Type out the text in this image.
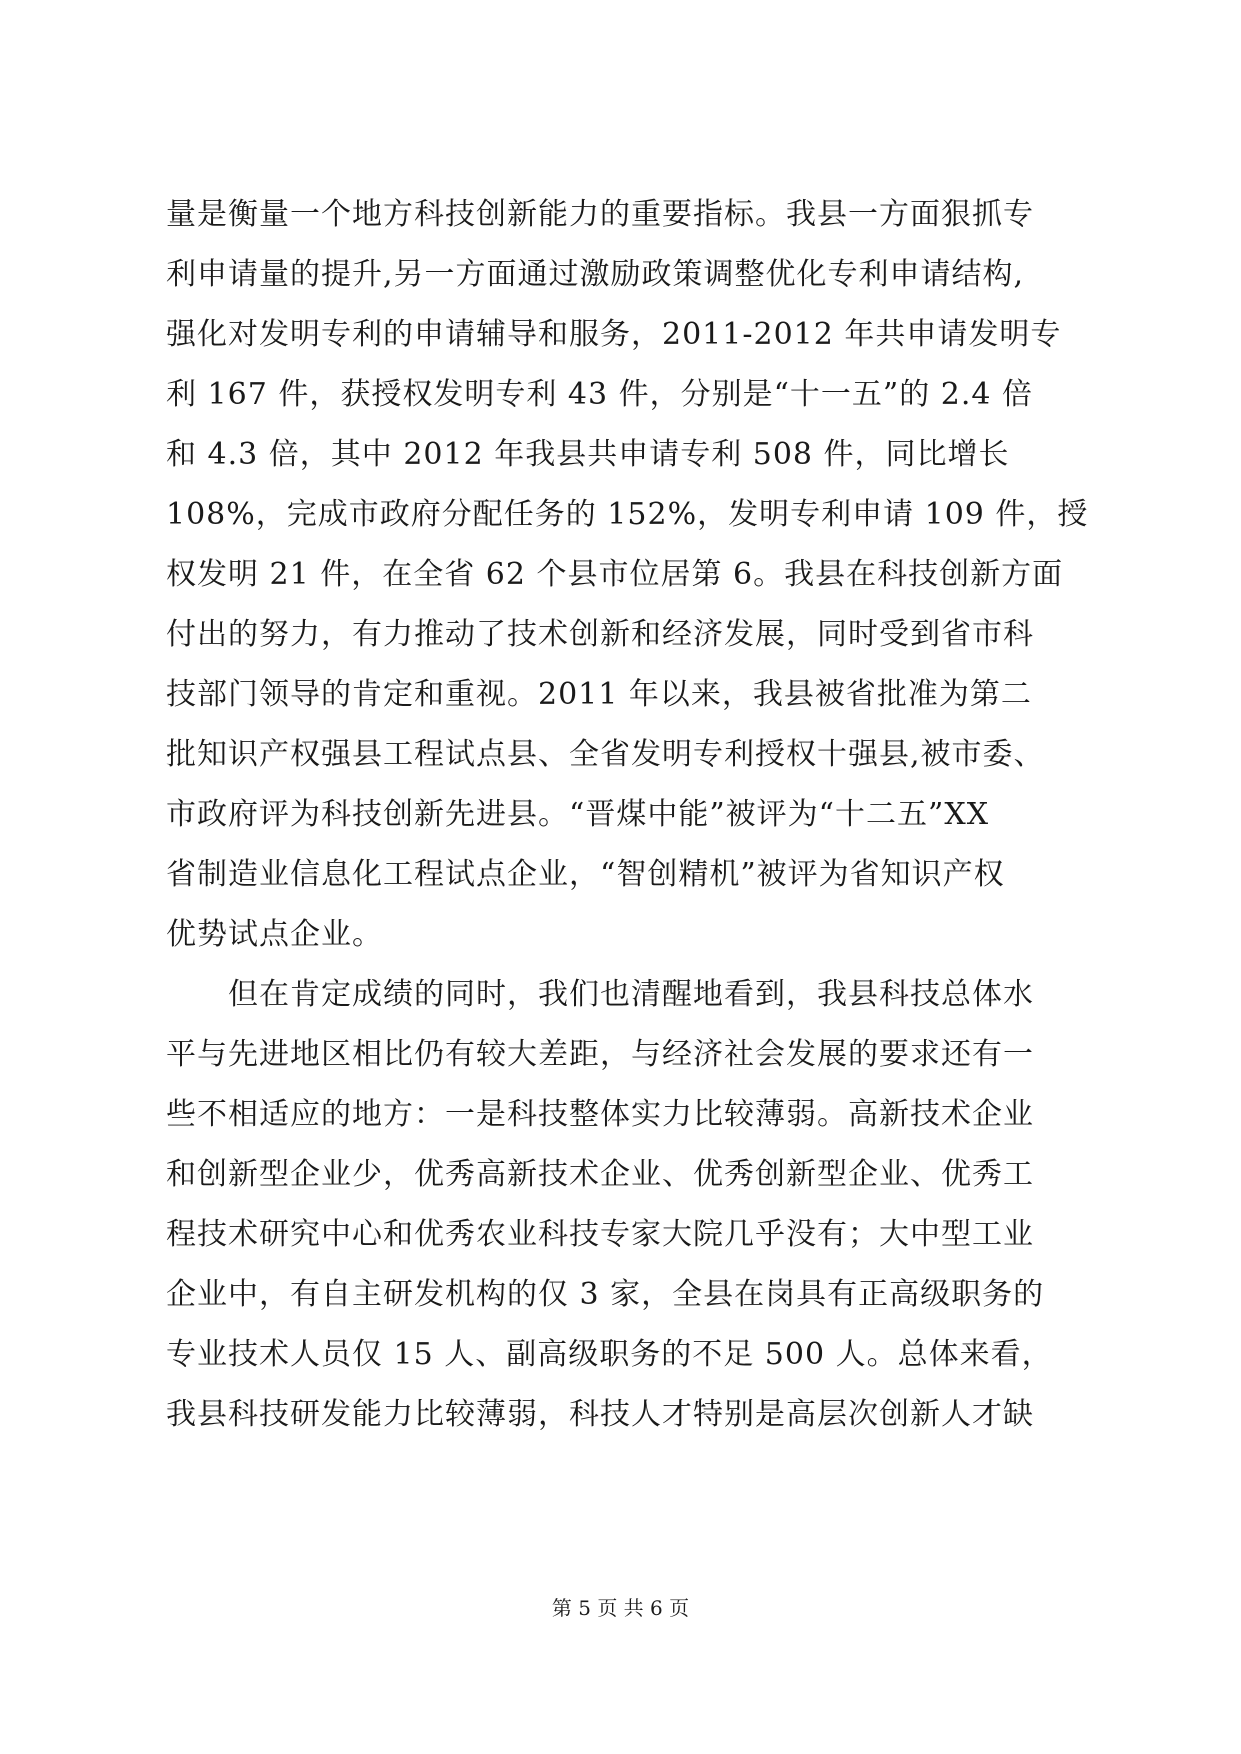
量是衡量一个地方科技创新能力的重要指标。我县一方面狠抓专
利申请量的提升,另一方面通过激励政策调整优化专利申请结构,
强化对发明专利的申请辅导和服务，2011-2012 年共申请发明专
利 167 件，获授权发明专利 43 件，分别是“十一五”的 2.4 倍
和 4.3 倍，其中 2012 年我县共申请专利 508 件，同比增长
108%，完成市政府分配任务的 152%，发明专利申请 109 件，授
权发明 21 件，在全省 62 个县市位居第 6。我县在科技创新方面
付出的努力，有力推动了技术创新和经济发展，同时受到省市科
技部门领导的肯定和重视。2011 年以来，我县被省批准为第二
批知识产权强县工程试点县、全省发明专利授权十强县,被市委、
市政府评为科技创新先进县。“晋煤中能”被评为“十二五”XX
省制造业信息化工程试点企业，“智创精机”被评为省知识产权
优势试点企业。
　　但在肯定成绩的同时，我们也清醒地看到，我县科技总体水
平与先进地区相比仍有较大差距，与经济社会发展的要求还有一
些不相适应的地方：一是科技整体实力比较薄弱。高新技术企业
和创新型企业少，优秀高新技术企业、优秀创新型企业、优秀工
程技术研究中心和优秀农业科技专家大院几乎没有；大中型工业
企业中，有自主研发机构的仅 3 家，全县在岗具有正高级职务的
专业技术人员仅 15 人、副高级职务的不足 500 人。总体来看，
我县科技研发能力比较薄弱，科技人才特别是高层次创新人才缺
第 5 页 共 6 页
